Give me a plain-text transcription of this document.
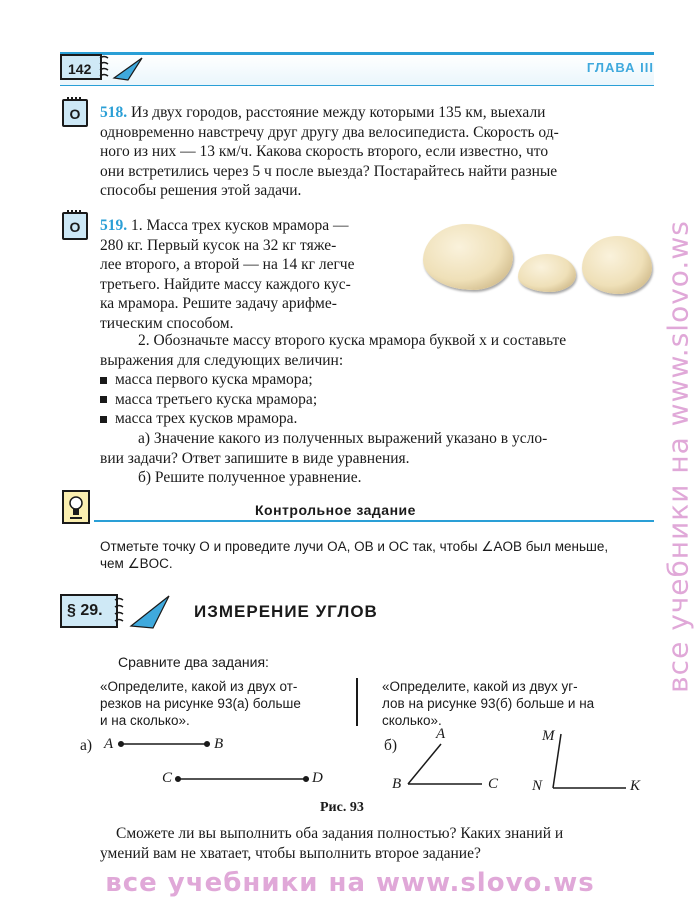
142	ГЛАВА III
O	518. Из двух городов, расстояние между которыми 135 км, выехали
одновременно навстречу друг другу два велосипедиста. Скорость од-
ного из них — 13 км/ч. Какова скорость второго, если известно, что
они встретились через 5 ч после выезда? Постарайтесь найти разные
способы решения этой задачи.
O	519. 1. Масса трех кусков мрамора —
280 кг. Первый кусок на 32 кг тяже-
лее второго, а второй — на 14 кг легче
третьего. Найдите массу каждого кус-
ка мрамора. Решите задачу арифме-
тическим способом.
2. Обозначьте массу второго куска мрамора буквой x и составьте
выражения для следующих величин:
масса первого куска мрамора;
масса третьего куска мрамора;
масса трех кусков мрамора.
а) Значение какого из полученных выражений указано в усло-
вии задачи? Ответ запишите в виде уравнения.
б) Решите полученное уравнение.
Контрольное задание
Отметьте точку O и проведите лучи OA, OB и OC так, чтобы ∠AOB был меньше,
чем ∠BOC.
§ 29.	ИЗМЕРЕНИЕ УГЛОВ
Сравните два задания:
«Определите, какой из двух от-
резков на рисунке 93(а) больше
и на сколько».
«Определите, какой из двух уг-
лов на рисунке 93(б) больше и на
сколько».
а) A	B
C	D
б)
A
B	C
M
N	K
Рис. 93
Сможете ли вы выполнить оба задания полностью? Каких знаний и
умений вам не хватает, чтобы выполнить второе задание?
все учебники на www.slovo.ws
все учебники на www.slovo.ws
